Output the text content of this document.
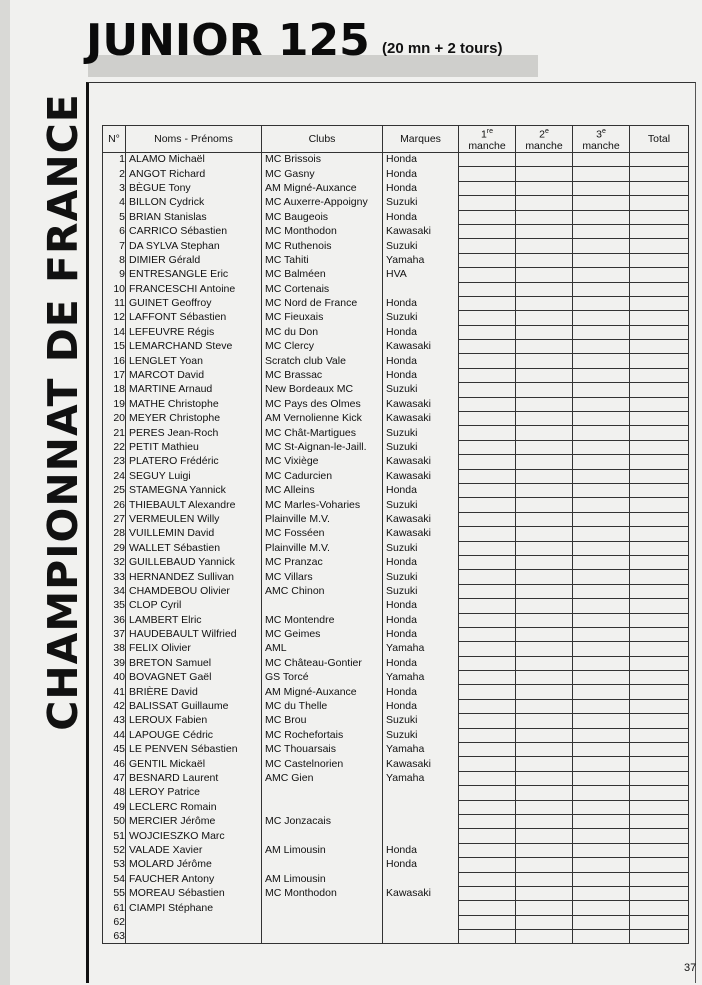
CHAMPIONNAT DE FRANCE
JUNIOR 125 (20 mn + 2 tours)
N°	Noms - Prénoms	Clubs	Marques	1re
manche	2e
manche	3e
manche	Total
1	ALAMO Michaël	MC Brissois	Honda				
2	ANGOT Richard	MC Gasny	Honda				
3	BÈGUE Tony	AM Migné-Auxance	Honda				
4	BILLON Cydrick	MC Auxerre-Appoigny	Suzuki				
5	BRIAN Stanislas	MC Baugeois	Honda				
6	CARRICO Sébastien	MC Monthodon	Kawasaki				
7	DA SYLVA Stephan	MC Ruthenois	Suzuki				
8	DIMIER Gérald	MC Tahiti	Yamaha				
9	ENTRESANGLE Eric	MC Balméen	HVA				
10	FRANCESCHI Antoine	MC Cortenais					
11	GUINET Geoffroy	MC Nord de France	Honda				
12	LAFFONT Sébastien	MC Fieuxais	Suzuki				
14	LEFEUVRE Régis	MC du Don	Honda				
15	LEMARCHAND Steve	MC Clercy	Kawasaki				
16	LENGLET Yoan	Scratch club Vale	Honda				
17	MARCOT David	MC Brassac	Honda				
18	MARTINE Arnaud	New Bordeaux MC	Suzuki				
19	MATHE Christophe	MC Pays des Olmes	Kawasaki				
20	MEYER Christophe	AM Vernolienne Kick	Kawasaki				
21	PERES Jean-Roch	MC Chât-Martigues	Suzuki				
22	PETIT Mathieu	MC St-Aignan-le-Jaill.	Suzuki				
23	PLATERO Frédéric	MC Vixiège	Kawasaki				
24	SEGUY Luigi	MC Cadurcien	Kawasaki				
25	STAMEGNA Yannick	MC Alleins	Honda				
26	THIEBAULT Alexandre	MC Marles-Voharies	Suzuki				
27	VERMEULEN Willy	Plainville M.V.	Kawasaki				
28	VUILLEMIN David	MC Fosséen	Kawasaki				
29	WALLET Sébastien	Plainville M.V.	Suzuki				
32	GUILLEBAUD Yannick	MC Pranzac	Honda				
33	HERNANDEZ Sullivan	MC Villars	Suzuki				
34	CHAMDEBOU Olivier	AMC Chinon	Suzuki				
35	CLOP Cyril		Honda				
36	LAMBERT Elric	MC Montendre	Honda				
37	HAUDEBAULT Wilfried	MC Geimes	Honda				
38	FELIX Olivier	AML	Yamaha				
39	BRETON Samuel	MC Château-Gontier	Honda				
40	BOVAGNET Gaël	GS Torcé	Yamaha				
41	BRIÈRE David	AM Migné-Auxance	Honda				
42	BALISSAT Guillaume	MC du Thelle	Honda				
43	LEROUX Fabien	MC Brou	Suzuki				
44	LAPOUGE Cédric	MC Rochefortais	Suzuki				
45	LE PENVEN Sébastien	MC Thouarsais	Yamaha				
46	GENTIL Mickaël	MC Castelnorien	Kawasaki				
47	BESNARD Laurent	AMC Gien	Yamaha				
48	LEROY Patrice						
49	LECLERC Romain						
50	MERCIER Jérôme	MC Jonzacais					
51	WOJCIESZKO Marc						
52	VALADE Xavier	AM Limousin	Honda				
53	MOLARD Jérôme		Honda				
54	FAUCHER Antony	AM Limousin					
55	MOREAU Sébastien	MC Monthodon	Kawasaki				
61	CIAMPI Stéphane						
62							
63							
37
